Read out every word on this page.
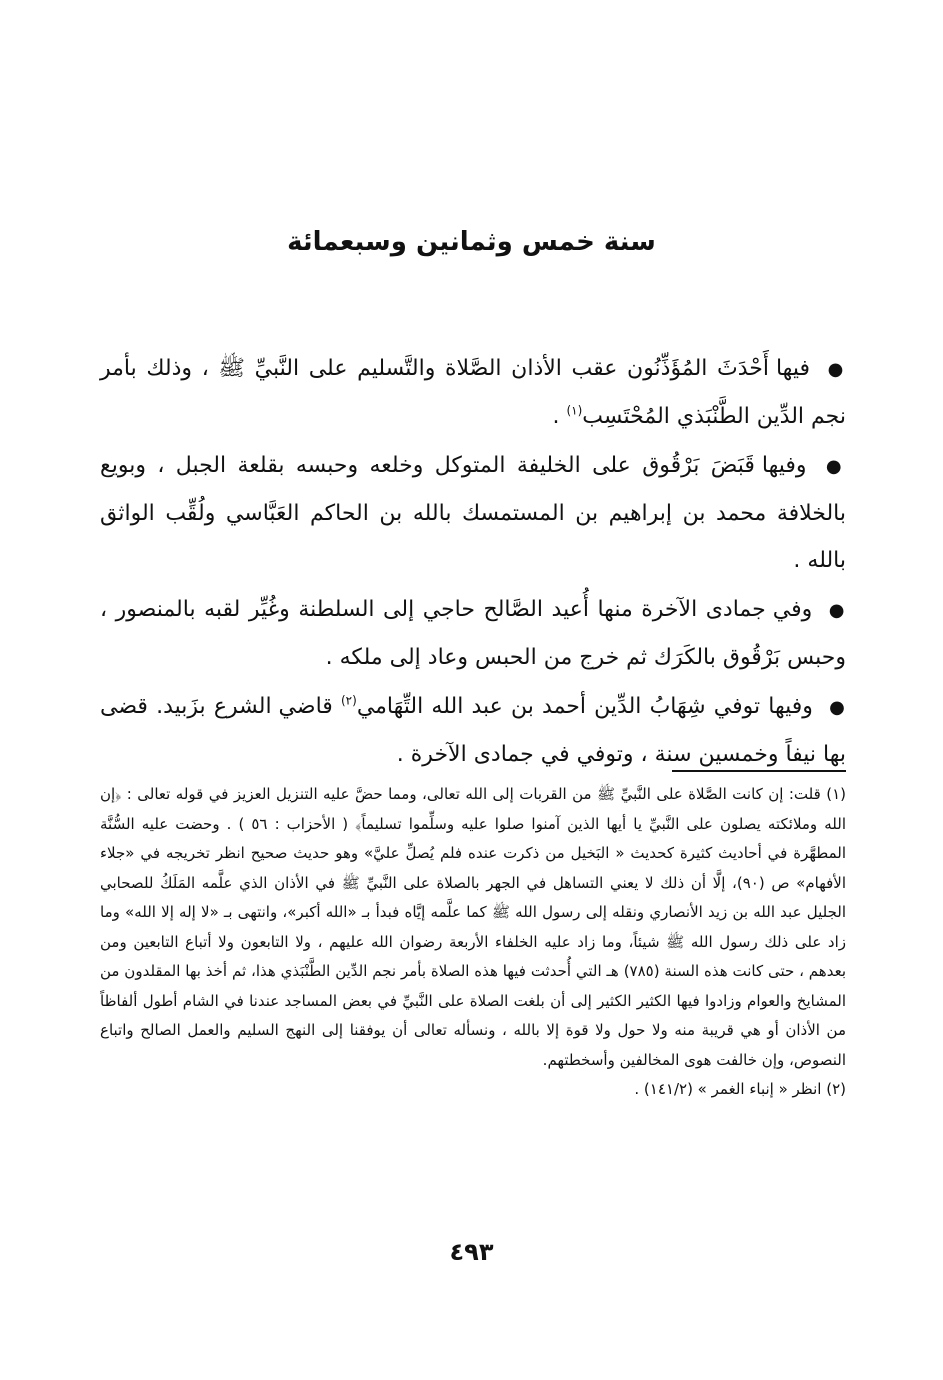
سنة خمس وثمانين وسبعمائة

● فيها أَحْدَثَ المُؤَذِّنُون عقب الأذان الصَّلاة والتَّسليم على النَّبيِّ ﷺ ، وذلك بأمر نجم الدِّين الطَّنْبَذي المُحْتَسِب$^{(١)}$ .

● وفيها قَبَضَ بَرْقُوق على الخليفة المتوكل وخلعه وحبسه بقلعة الجبل ، وبويع بالخلافة محمد بن إبراهيم بن المستمسك بالله بن الحاكم العَبَّاسي ولُقِّب الواثق بالله .

● وفي جمادى الآخرة منها أُعيد الصَّالح حاجي إلى السلطنة وغُيِّر لقبه بالمنصور ، وحبس بَرْقُوق بالكَرَك ثم خرج من الحبس وعاد إلى ملكه .

● وفيها توفي شِهَابُ الدِّين أحمد بن عبد الله التِّهَامي$^{(٢)}$ قاضي الشرع بزَبيد. قضى بها نيفاً وخمسين سنة ، وتوفي في جمادى الآخرة .

(١) قلت: إن كانت الصَّلاة على النَّبيِّ ﷺ من القربات إلى الله تعالى، ومما حضَّ عليه التنزيل العزيز في قوله تعالى : ﴿إن الله وملائكته يصلون على النَّبيِّ يا أيها الذين آمنوا صلوا عليه وسلِّموا تسليماً﴾ ( الأحزاب : ٥٦ ) . وحضت عليه السُّنَّة المطهَّرة في أحاديث كثيرة كحديث « البَخيل من ذكرت عنده فلم يُصلِّ عليَّ» وهو حديث صحيح انظر تخريجه في «جلاء الأفهام» ص (٩٠)، إلَّا أن ذلك لا يعني التساهل في الجهر بالصلاة على النَّبيِّ ﷺ في الأذان الذي علَّمه المَلَكُ للصحابي الجليل عبد الله بن زيد الأنصاري ونقله إلى رسول الله ﷺ كما علَّمه إيَّاه فبدأ بـ «الله أكبر»، وانتهى بـ «لا إله إلا الله» وما زاد على ذلك رسول الله ﷺ شيئاً، وما زاد عليه الخلفاء الأربعة رضوان الله عليهم ، ولا التابعون ولا أتباع التابعين ومن بعدهم ، حتى كانت هذه السنة (٧٨٥) هـ التي أُحدثت فيها هذه الصلاة بأمر نجم الدِّين الطَّنْبَذي هذا، ثم أخذ بها المقلدون من المشايخ والعوام وزادوا فيها الكثير الكثير إلى أن بلغت الصلاة على النَّبيِّ في بعض المساجد عندنا في الشام أطول ألفاظاً من الأذان أو هي قريبة منه ولا حول ولا قوة إلا بالله ، ونسأله تعالى أن يوفقنا إلى النهج السليم والعمل الصالح واتباع النصوص، وإن خالفت هوى المخالفين وأسخطتهم.

(٢) انظر « إنباء الغمر » (١٤١/٢) .

٤٩٣
